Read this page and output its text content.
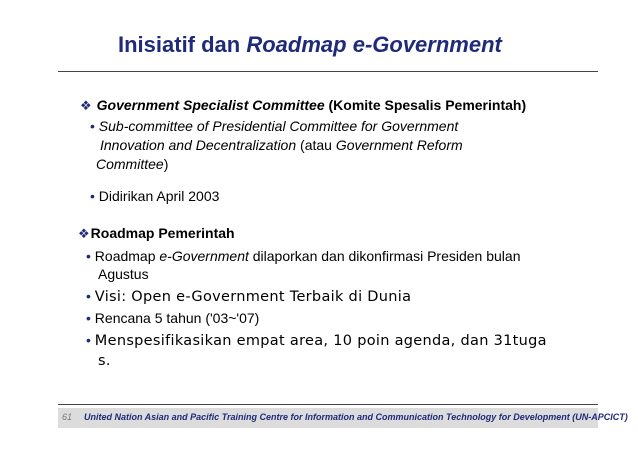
Inisiatif dan Roadmap e-Government
❖ Government Specialist Committee (Komite Spesalis Pemerintah)
• Sub-committee of Presidential Committee for Government
Innovation and Decentralization (atau Government Reform
Committee)
• Didirikan April 2003
❖Roadmap Pemerintah
• Roadmap e-Government dilaporkan dan dikonfirmasi Presiden bulan
Agustus
• Visi: Open e-Government Terbaik di Dunia
• Rencana 5 tahun ('03~'07)
• Menspesifikasikan empat area, 10 poin agenda, dan 31tuga
s.
61 United Nation Asian and Pacific Training Centre for Information and Communication Technology for Development (UN-APCICT)
